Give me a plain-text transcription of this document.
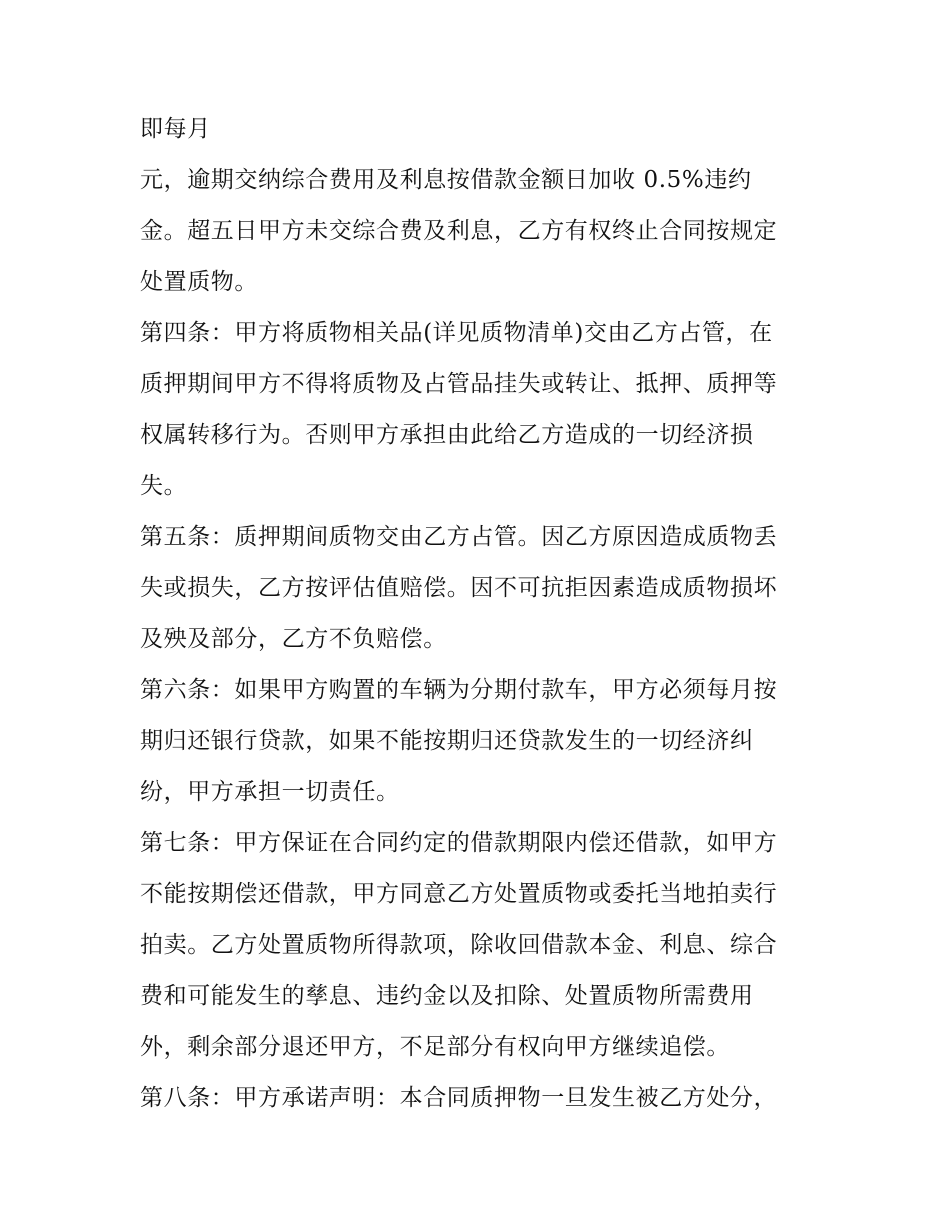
即每月
元，逾期交纳综合费用及利息按借款金额日加收 0.5%违约
金。超五日甲方未交综合费及利息，乙方有权终止合同按规定
处置质物。
第四条：甲方将质物相关品(详见质物清单)交由乙方占管，在
质押期间甲方不得将质物及占管品挂失或转让、抵押、质押等
权属转移行为。否则甲方承担由此给乙方造成的一切经济损
失。
第五条：质押期间质物交由乙方占管。因乙方原因造成质物丢
失或损失，乙方按评估值赔偿。因不可抗拒因素造成质物损坏
及殃及部分，乙方不负赔偿。
第六条：如果甲方购置的车辆为分期付款车，甲方必须每月按
期归还银行贷款，如果不能按期归还贷款发生的一切经济纠
纷，甲方承担一切责任。
第七条：甲方保证在合同约定的借款期限内偿还借款，如甲方
不能按期偿还借款，甲方同意乙方处置质物或委托当地拍卖行
拍卖。乙方处置质物所得款项，除收回借款本金、利息、综合
费和可能发生的孳息、违约金以及扣除、处置质物所需费用
外，剩余部分退还甲方，不足部分有权向甲方继续追偿。
第八条：甲方承诺声明：本合同质押物一旦发生被乙方处分，
